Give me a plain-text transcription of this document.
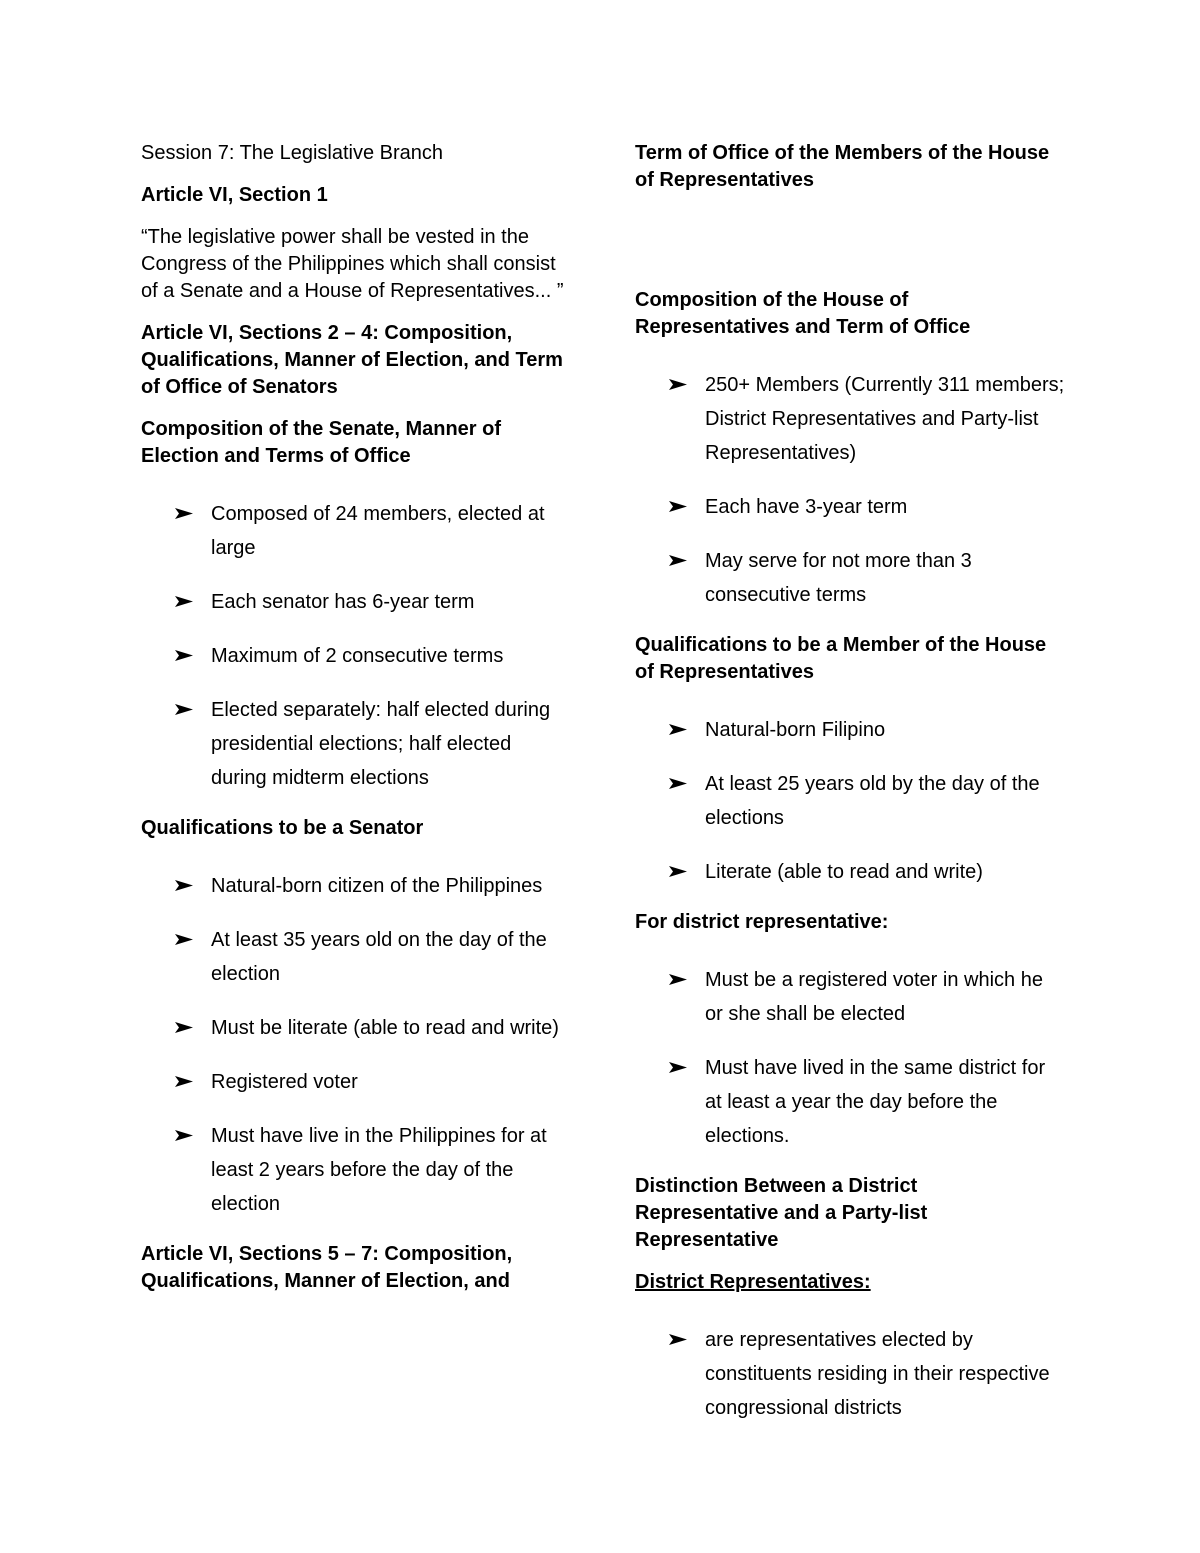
Session 7: The Legislative Branch

Article VI, Section 1

“The legislative power shall be vested in the Congress of the Philippines which shall consist of a Senate and a House of Representatives... ”

Article VI, Sections 2 – 4: Composition, Qualifications, Manner of Election, and Term of Office of Senators

Composition of the Senate, Manner of Election and Terms of Office

Composed of 24 members, elected at large
Each senator has 6-year term
Maximum of 2 consecutive terms
Elected separately: half elected during presidential elections; half elected during midterm elections

Qualifications to be a Senator

Natural-born citizen of the Philippines
At least 35 years old on the day of the election
Must be literate (able to read and write)
Registered voter
Must have live in the Philippines for at least 2 years before the day of the election

Article VI, Sections 5 – 7: Composition, Qualifications, Manner of Election, and

Term of Office of the Members of the House of Representatives

Composition of the House of Representatives and Term of Office

250+ Members (Currently 311 members; District Representatives and Party-list Representatives)
Each have 3-year term
May serve for not more than 3 consecutive terms

Qualifications to be a Member of the House of Representatives

Natural-born Filipino
At least 25 years old by the day of the elections
Literate (able to read and write)

For district representative:

Must be a registered voter in which he or she shall be elected
Must have lived in the same district for at least a year the day before the elections.

Distinction Between a District Representative and a Party-list Representative

District Representatives:

are representatives elected by constituents residing in their respective congressional districts
